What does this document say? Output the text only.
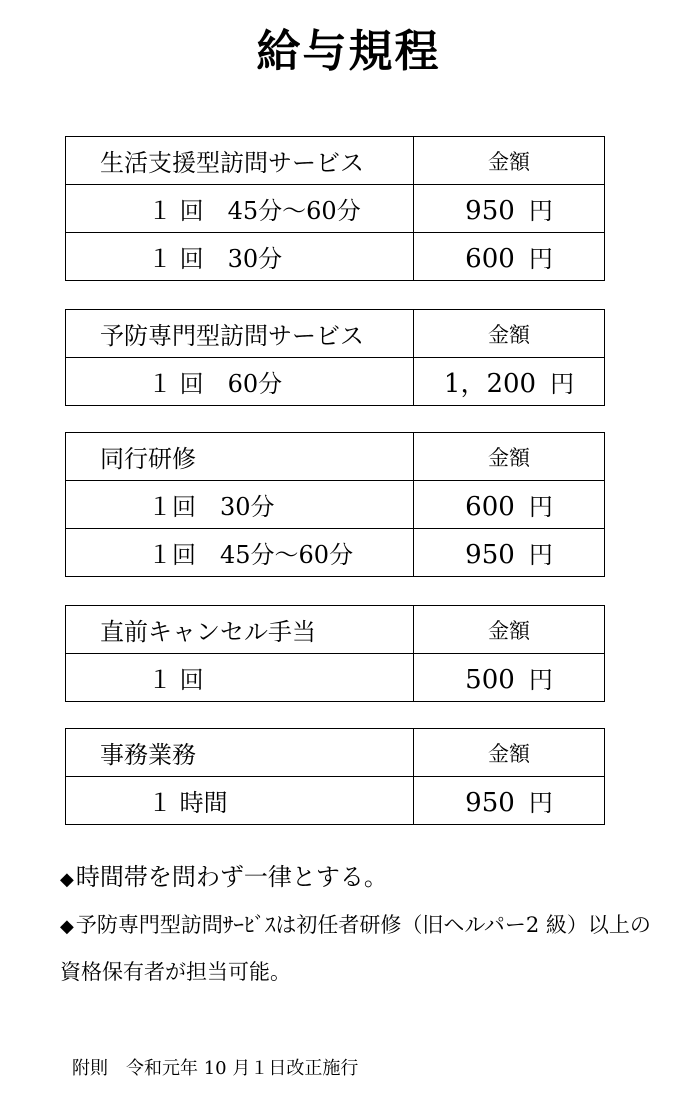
給与規程
生活支援型訪問サービス	金額
１ 回　45分～60分	950 円
１ 回　30分	600 円
予防専門型訪問サービス	金額
１ 回　60分	1，200 円
同行研修	金額
１回　30分	600 円
１回　45分～60分	950 円
直前キャンセル手当	金額
１ 回	500 円
事務業務	金額
１ 時間	950 円
◆時間帯を問わず一律とする。
◆予防専門型訪問ｻｰﾋﾞｽは初任者研修（旧ヘルパー2 級）以上の
資格保有者が担当可能。
附則　令和元年 10 月１日改正施行
